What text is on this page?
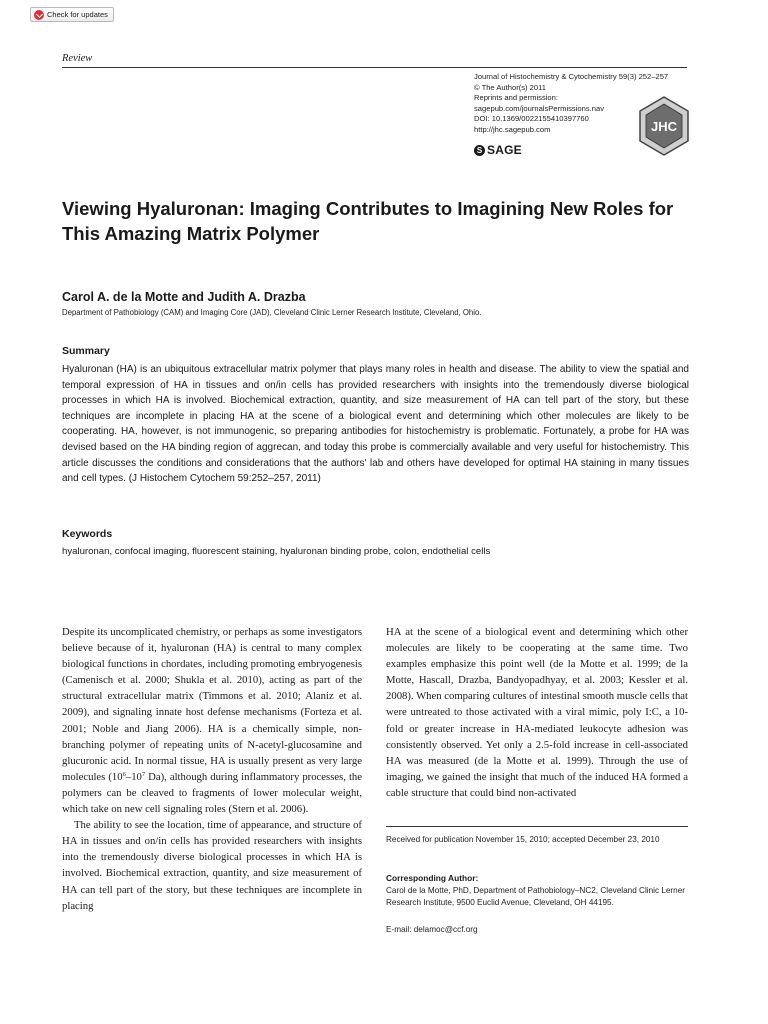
Check for updates
Review
Journal of Histochemistry & Cytochemistry 59(3) 252–257
© The Author(s) 2011
Reprints and permission:
sagepub.com/journalsPermissions.nav
DOI: 10.1369/0022155410397760
http://jhc.sagepub.com
S SAGE
JHC
Viewing Hyaluronan: Imaging Contributes to Imagining New Roles for This Amazing Matrix Polymer

Carol A. de la Motte and Judith A. Drazba

Department of Pathobiology (CAM) and Imaging Core (JAD), Cleveland Clinic Lerner Research Institute, Cleveland, Ohio.

Summary

Hyaluronan (HA) is an ubiquitous extracellular matrix polymer that plays many roles in health and disease. The ability to view the spatial and temporal expression of HA in tissues and on/in cells has provided researchers with insights into the tremendously diverse biological processes in which HA is involved. Biochemical extraction, quantity, and size measurement of HA can tell part of the story, but these techniques are incomplete in placing HA at the scene of a biological event and determining which other molecules are likely to be cooperating. HA, however, is not immunogenic, so preparing antibodies for histochemistry is problematic. Fortunately, a probe for HA was devised based on the HA binding region of aggrecan, and today this probe is commercially available and very useful for histochemistry. This article discusses the conditions and considerations that the authors' lab and others have developed for optimal HA staining in many tissues and cell types. (J Histochem Cytochem 59:252–257, 2011)

Keywords

hyaluronan, confocal imaging, fluorescent staining, hyaluronan binding probe, colon, endothelial cells

Despite its uncomplicated chemistry, or perhaps as some investigators believe because of it, hyaluronan (HA) is central to many complex biological functions in chordates, including promoting embryogenesis (Camenisch et al. 2000; Shukla et al. 2010), acting as part of the structural extracellular matrix (Timmons et al. 2010; Alaniz et al. 2009), and signaling innate host defense mechanisms (Forteza et al. 2001; Noble and Jiang 2006). HA is a chemically simple, non-branching polymer of repeating units of N-acetyl-glucosamine and glucuronic acid. In normal tissue, HA is usually present as very large molecules ($10^6-10^7$ Da), although during inflammatory processes, the polymers can be cleaved to fragments of lower molecular weight, which take on new cell signaling roles (Stern et al. 2006).

The ability to see the location, time of appearance, and structure of HA in tissues and on/in cells has provided researchers with insights into the tremendously diverse biological processes in which HA is involved. Biochemical extraction, quantity, and size measurement of HA can tell part of the story, but these techniques are incomplete in placing

HA at the scene of a biological event and determining which other molecules are likely to be cooperating at the same time. Two examples emphasize this point well (de la Motte et al. 1999; de la Motte, Hascall, Drazba, Bandyopadhyay, et al. 2003; Kessler et al. 2008). When comparing cultures of intestinal smooth muscle cells that were untreated to those activated with a viral mimic, poly I:C, a 10-fold or greater increase in HA-mediated leukocyte adhesion was consistently observed. Yet only a 2.5-fold increase in cell-associated HA was measured (de la Motte et al. 1999). Through the use of imaging, we gained the insight that much of the induced HA formed a cable structure that could bind non-activated

Received for publication November 15, 2010; accepted December 23, 2010

Corresponding Author:

Carol de la Motte, PhD, Department of Pathobiology–NC2, Cleveland Clinic Lerner Research Institute, 9500 Euclid Avenue, Cleveland, OH 44195.

E-mail: delamoc@ccf.org
